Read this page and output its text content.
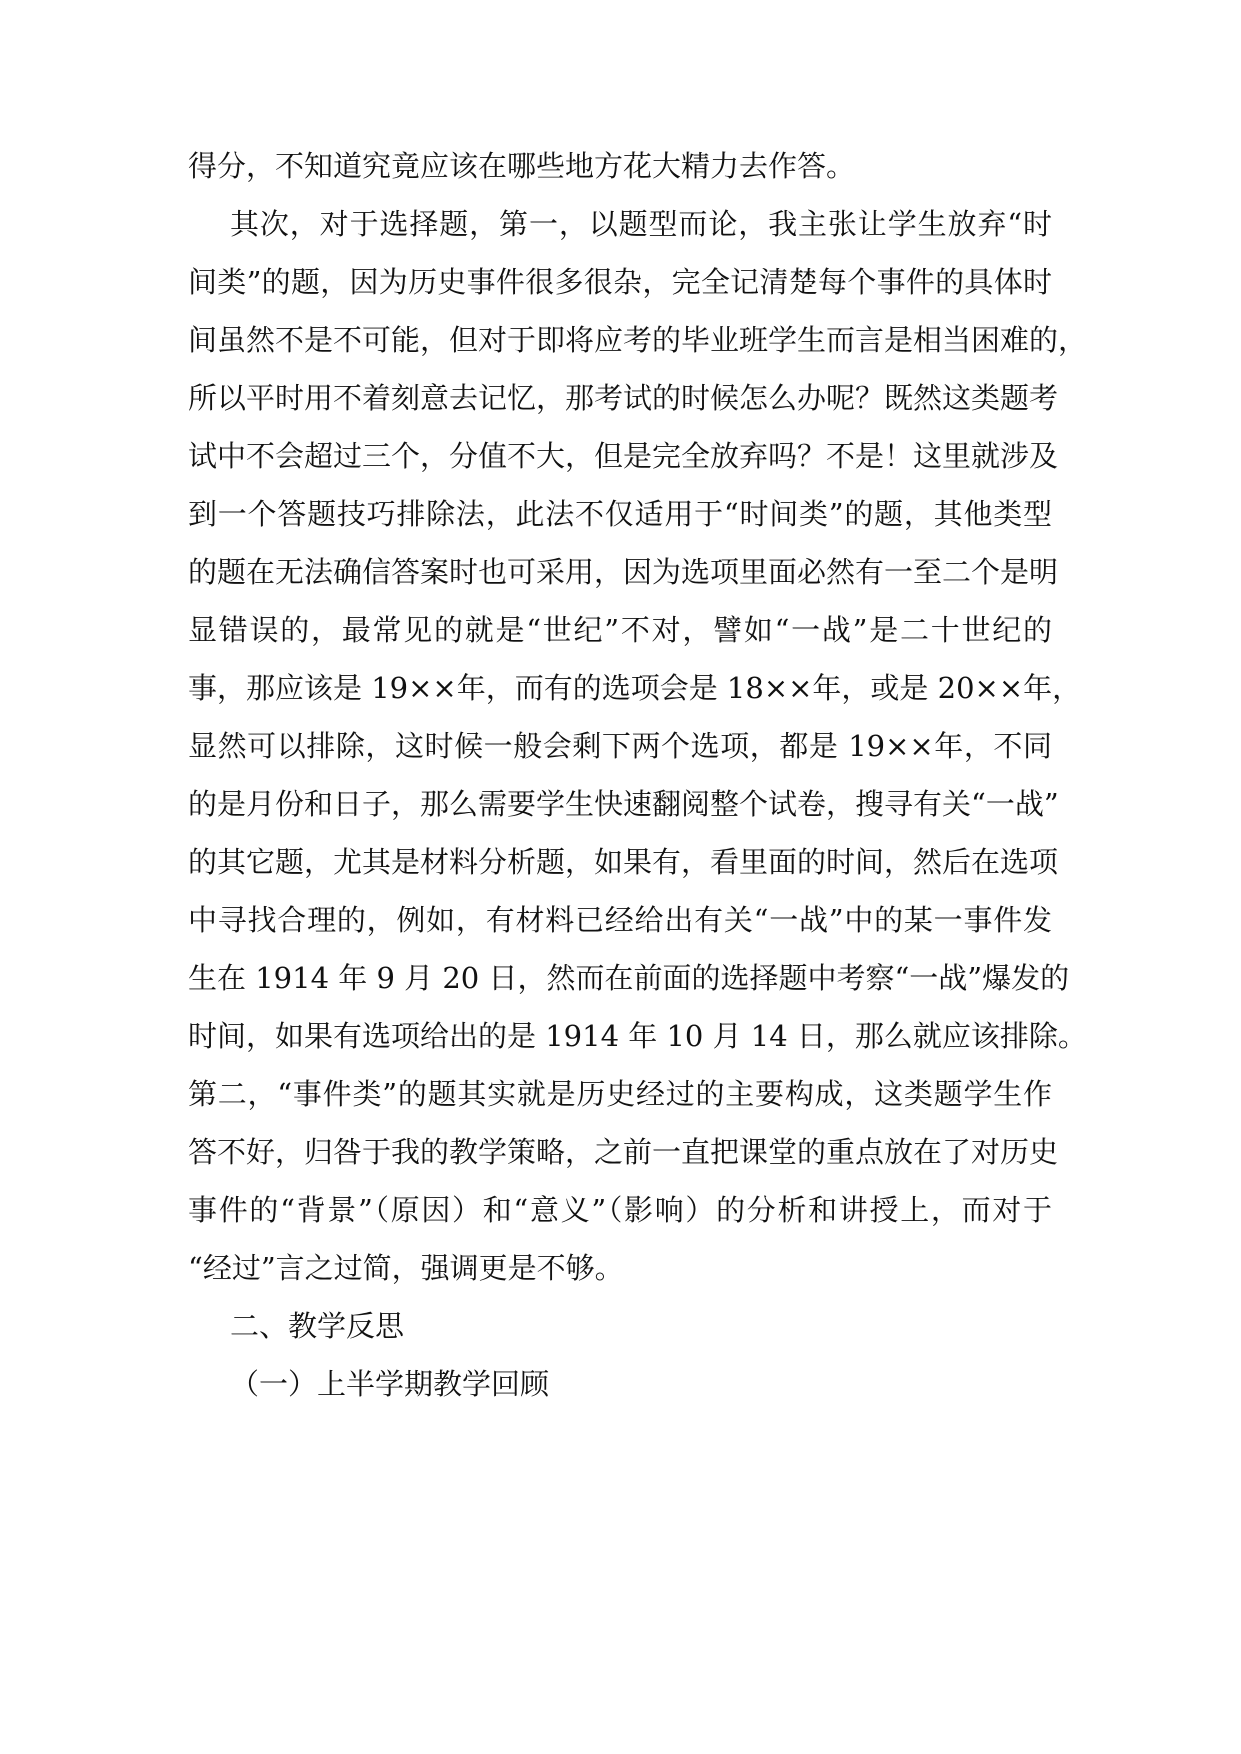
得分，不知道究竟应该在哪些地方花大精力去作答。
其次，对于选择题，第一，以题型而论，我主张让学生放弃“时
间类”的题，因为历史事件很多很杂，完全记清楚每个事件的具体时
间虽然不是不可能，但对于即将应考的毕业班学生而言是相当困难的，
所以平时用不着刻意去记忆，那考试的时候怎么办呢？既然这类题考
试中不会超过三个，分值不大，但是完全放弃吗？不是！这里就涉及
到一个答题技巧排除法，此法不仅适用于“时间类”的题，其他类型
的题在无法确信答案时也可采用，因为选项里面必然有一至二个是明
显错误的，最常见的就是“世纪”不对，譬如“一战”是二十世纪的
事，那应该是 19××年，而有的选项会是 18××年，或是 20××年，
显然可以排除，这时候一般会剩下两个选项，都是 19××年，不同
的是月份和日子，那么需要学生快速翻阅整个试卷，搜寻有关“一战”
的其它题，尤其是材料分析题，如果有，看里面的时间，然后在选项
中寻找合理的，例如，有材料已经给出有关“一战”中的某一事件发
生在 1914 年 9 月 20 日，然而在前面的选择题中考察“一战”爆发的
时间，如果有选项给出的是 1914 年 10 月 14 日，那么就应该排除。
第二，“事件类”的题其实就是历史经过的主要构成，这类题学生作
答不好，归咎于我的教学策略，之前一直把课堂的重点放在了对历史
事件的“背景”（原因）和“意义”（影响）的分析和讲授上，而对于
“经过”言之过简，强调更是不够。
二、教学反思
（一）上半学期教学回顾
